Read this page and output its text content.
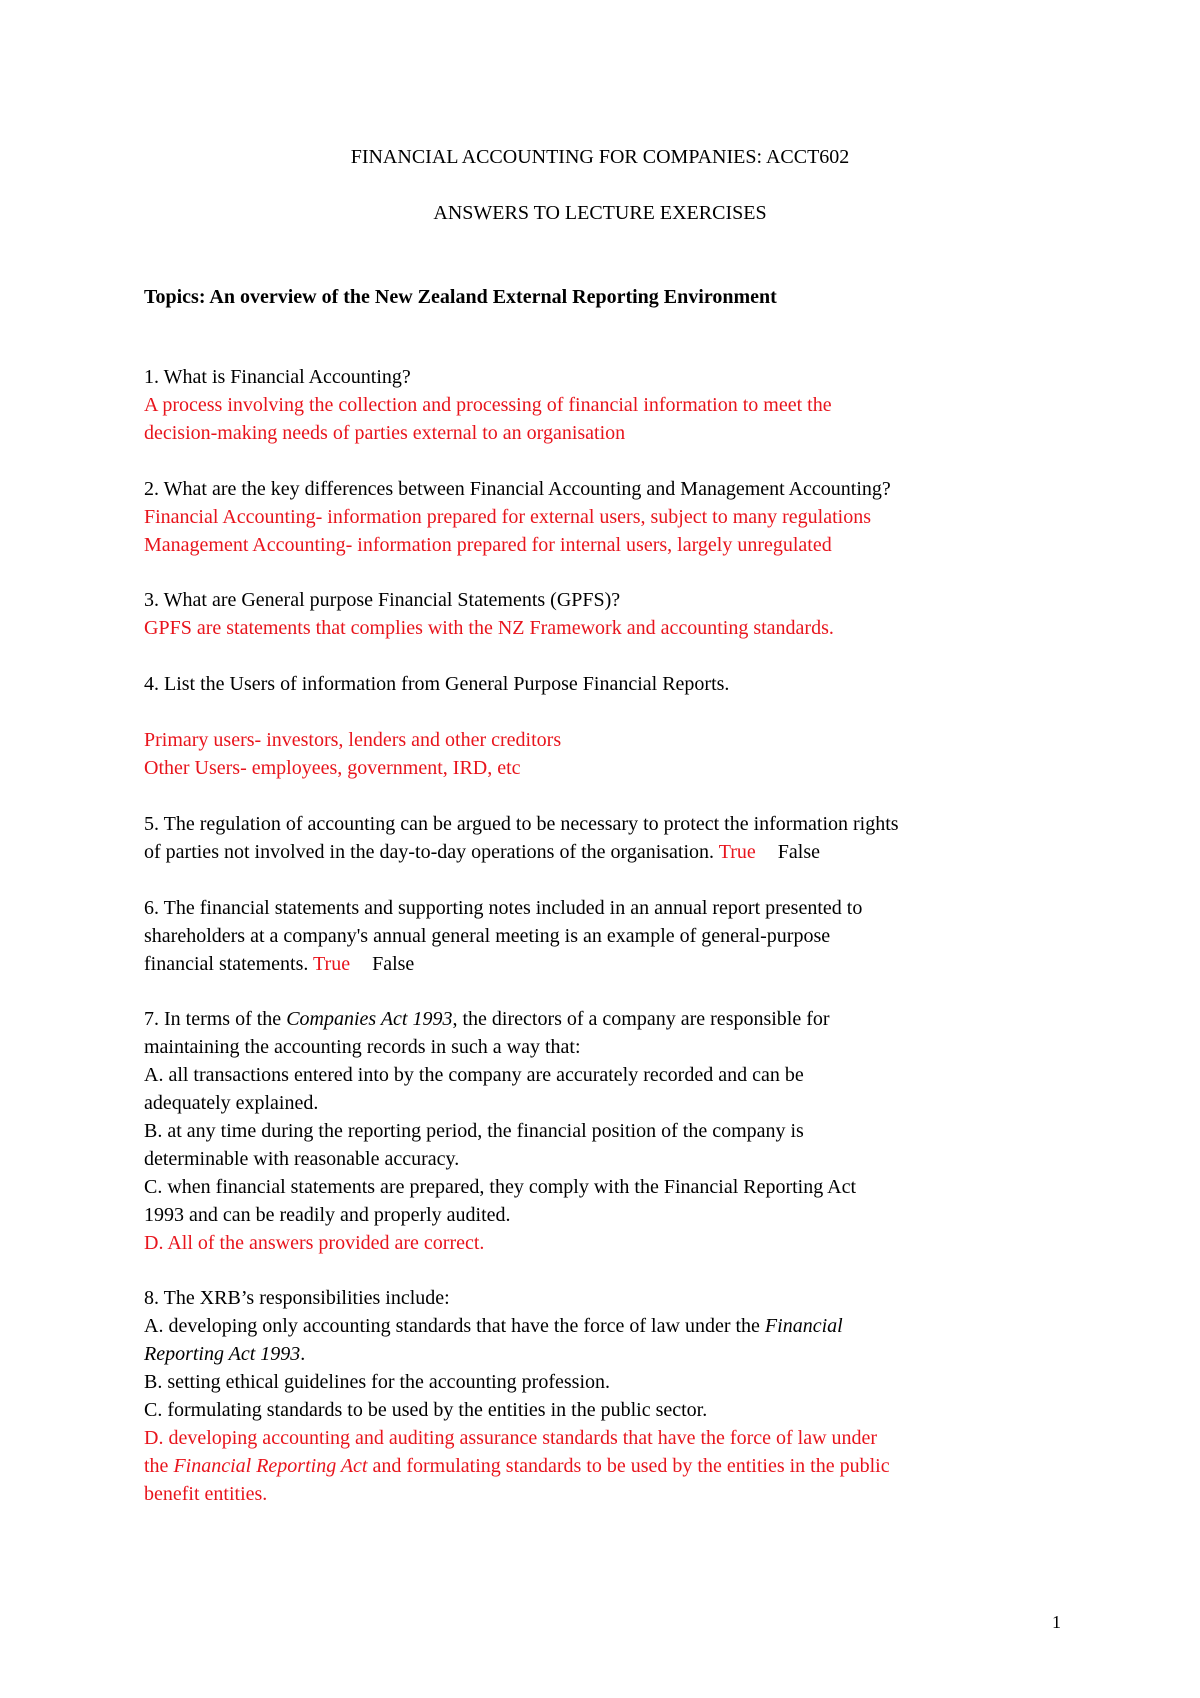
FINANCIAL ACCOUNTING FOR COMPANIES: ACCT602
ANSWERS TO LECTURE EXERCISES
Topics: An overview of the New Zealand External Reporting Environment
1. What is Financial Accounting?
A process involving the collection and processing of financial information to meet the
decision-making needs of parties external to an organisation
2. What are the key differences between Financial Accounting and Management Accounting?
Financial Accounting- information prepared for external users, subject to many regulations
Management Accounting- information prepared for internal users, largely unregulated
3. What are General purpose Financial Statements (GPFS)?
GPFS are statements that complies with the NZ Framework and accounting standards.
4. List the Users of information from General Purpose Financial Reports.
Primary users- investors, lenders and other creditors
Other Users- employees, government, IRD, etc
5. The regulation of accounting can be argued to be necessary to protect the information rights
of parties not involved in the day-to-day operations of the organisation. True False
6. The financial statements and supporting notes included in an annual report presented to
shareholders at a company's annual general meeting is an example of general-purpose
financial statements. True False
7. In terms of the Companies Act 1993, the directors of a company are responsible for
maintaining the accounting records in such a way that:
A. all transactions entered into by the company are accurately recorded and can be
adequately explained.
B. at any time during the reporting period, the financial position of the company is
determinable with reasonable accuracy.
C. when financial statements are prepared, they comply with the Financial Reporting Act
1993 and can be readily and properly audited.
D. All of the answers provided are correct.
8. The XRB’s responsibilities include:
A. developing only accounting standards that have the force of law under the Financial
Reporting Act 1993.
B. setting ethical guidelines for the accounting profession.
C. formulating standards to be used by the entities in the public sector.
D. developing accounting and auditing assurance standards that have the force of law under
the Financial Reporting Act and formulating standards to be used by the entities in the public
benefit entities.
1
